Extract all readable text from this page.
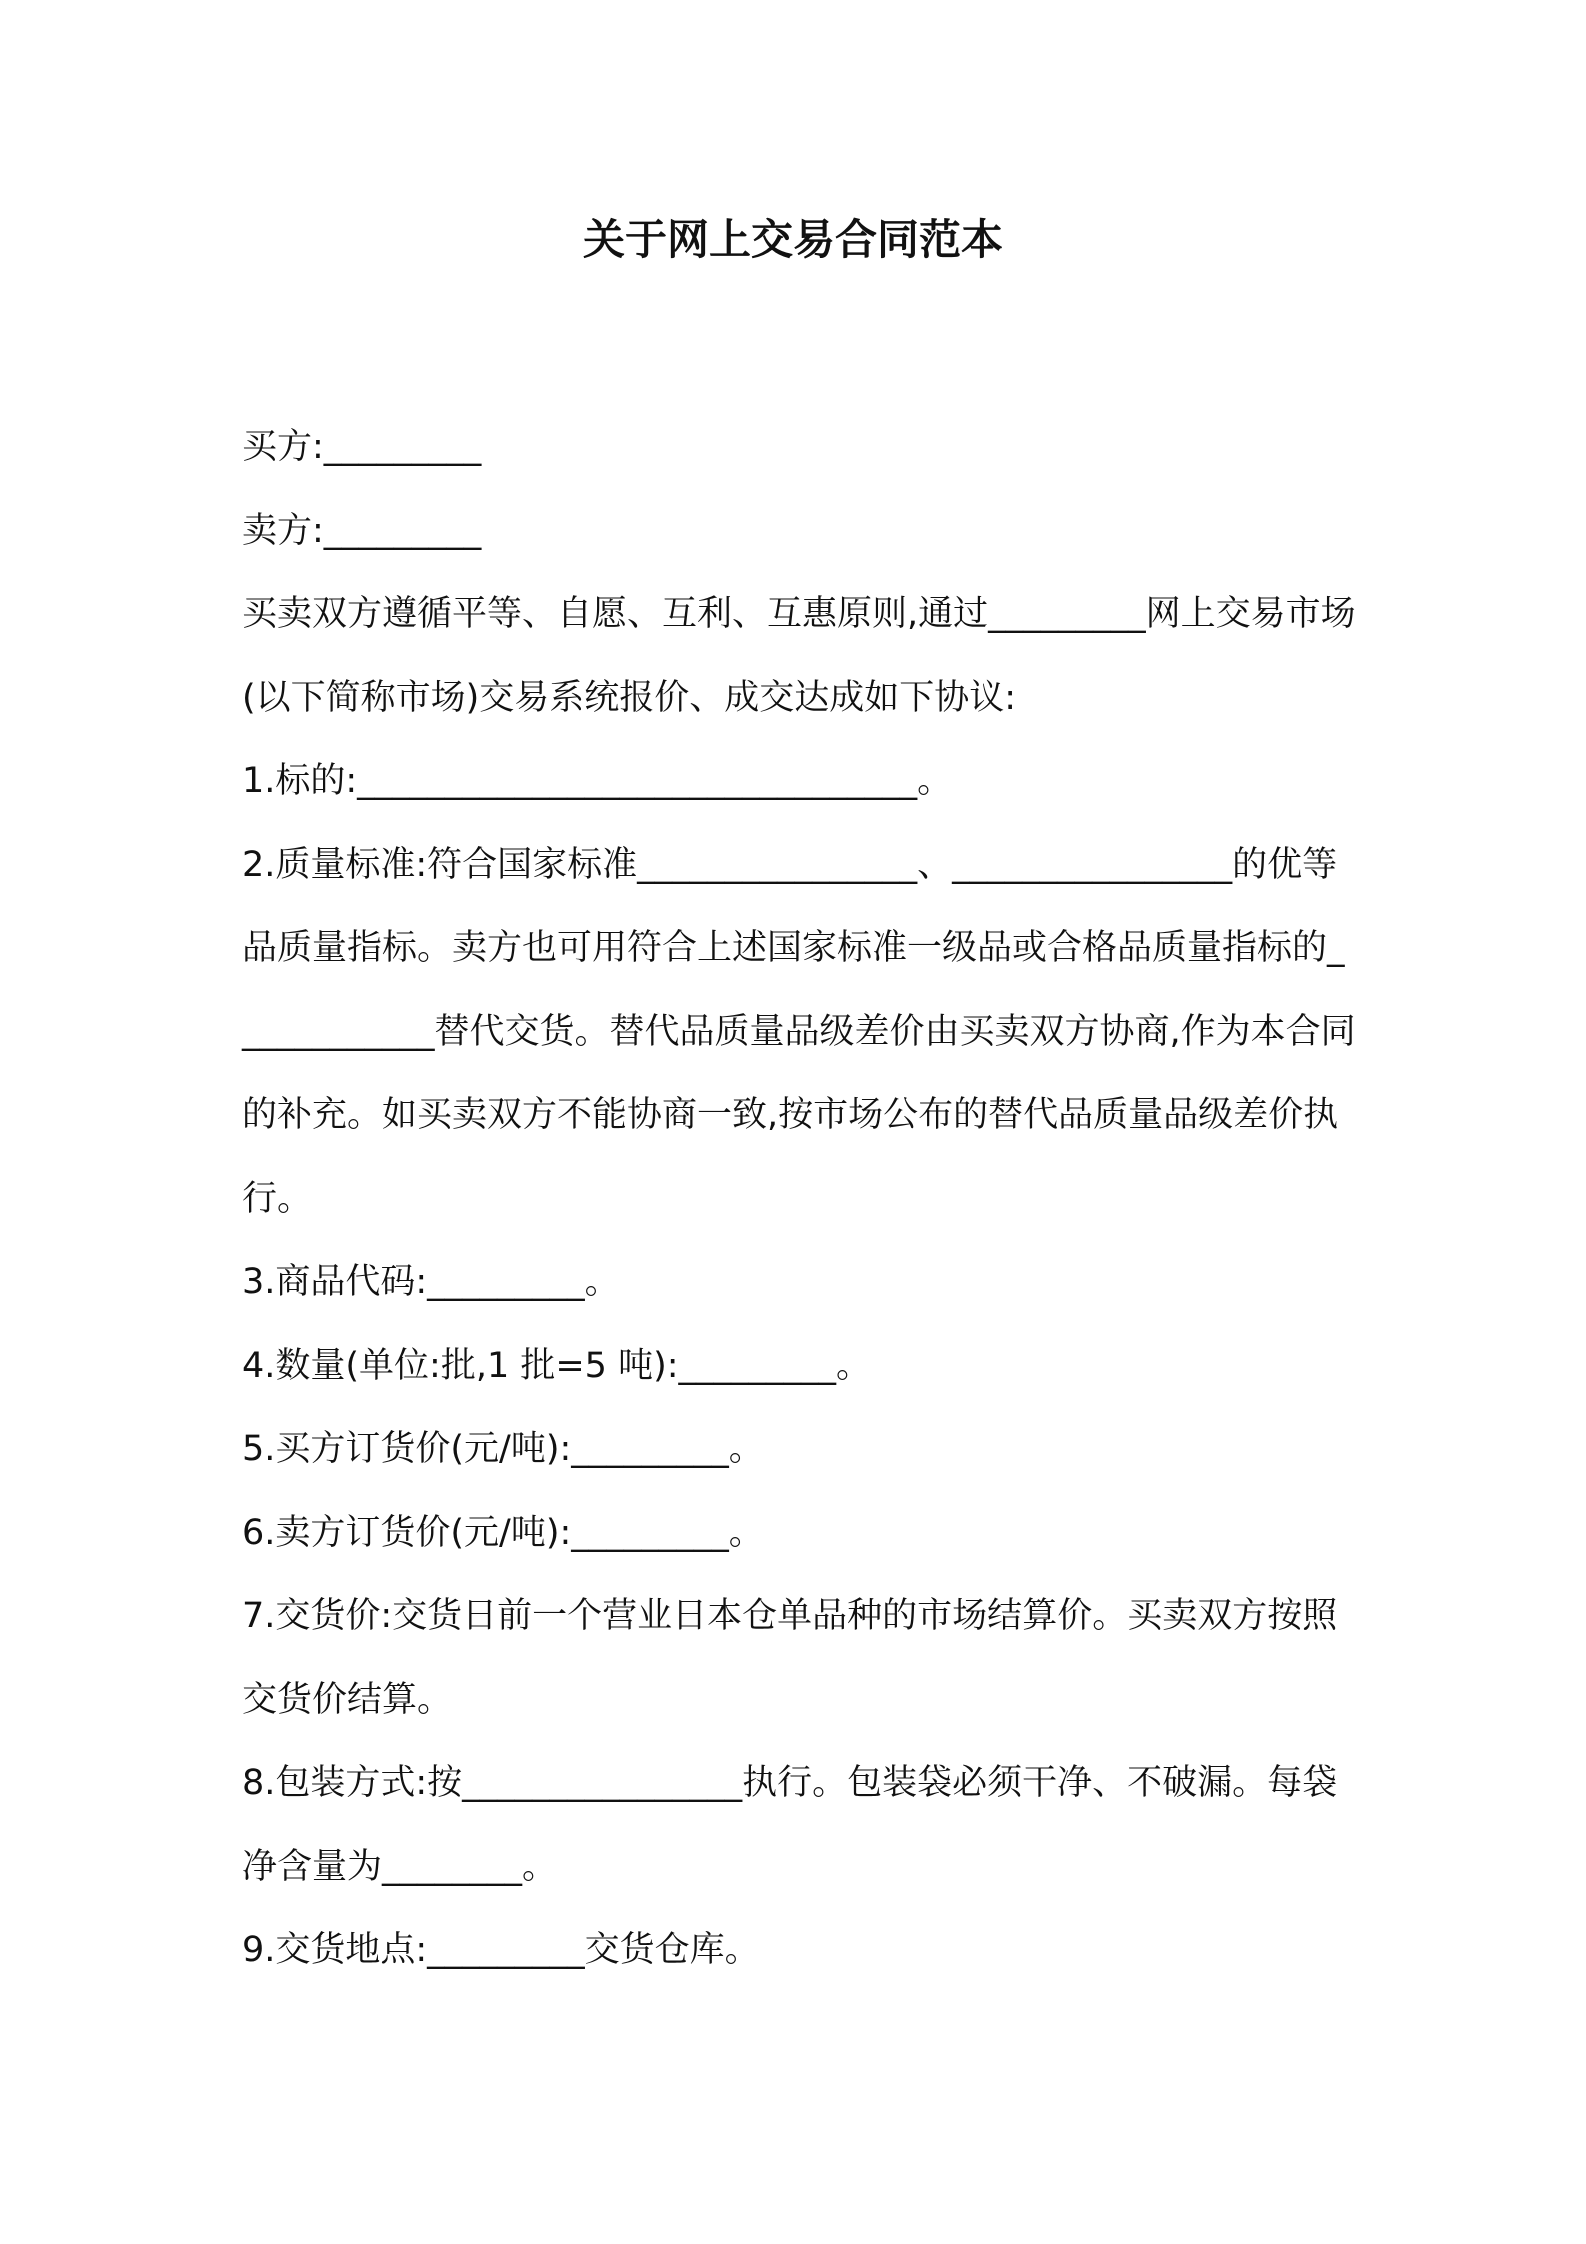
关于网上交易合同范本

买方:_________

卖方:_________

买卖双方遵循平等、自愿、互利、互惠原则,通过_________网上交易市场(以下简称市场)交易系统报价、成交达成如下协议:

1.标的:________________________________。

2.质量标准:符合国家标准________________、________________的优等品质量指标。卖方也可用符合上述国家标准一级品或合格品质量指标的____________替代交货。替代品质量品级差价由买卖双方协商,作为本合同的补充。如买卖双方不能协商一致,按市场公布的替代品质量品级差价执行。

3.商品代码:_________。

4.数量(单位:批,1 批=5 吨):_________。

5.买方订货价(元/吨):_________。

6.卖方订货价(元/吨):_________。

7.交货价:交货日前一个营业日本仓单品种的市场结算价。买卖双方按照交货价结算。

8.包装方式:按________________执行。包装袋必须干净、不破漏。每袋净含量为________。

9.交货地点:_________交货仓库。
